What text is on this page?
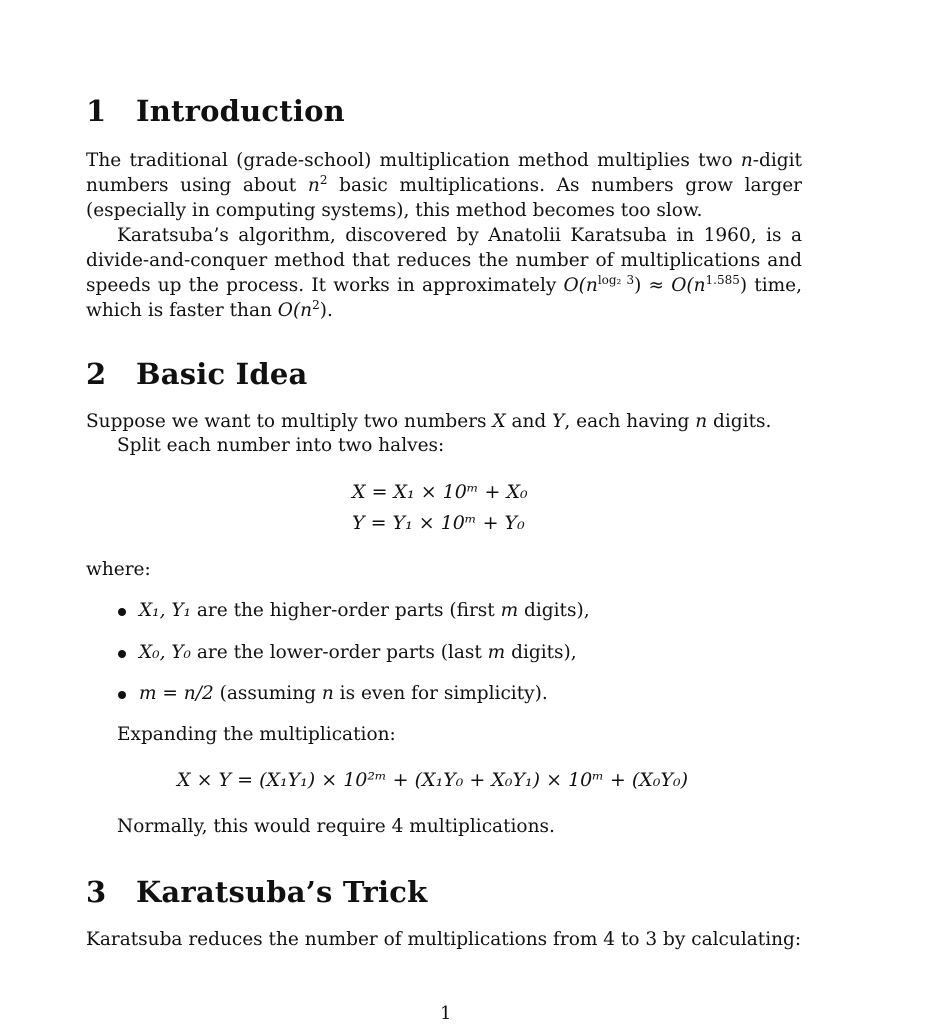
1 Introduction

The traditional (grade-school) multiplication method multiplies two n-digit numbers using about $n^2$ basic multiplications. As numbers grow larger (especially in computing systems), this method becomes too slow.

Karatsuba’s algorithm, discovered by Anatolii Karatsuba in 1960, is a divide-and-conquer method that reduces the number of multiplications and speeds up the process. It works in approximately $O(n^{log_2 3}) \approx O(n^{1.585})$ time, which is faster than $O(n^2)$.

2 Basic Idea
Suppose we want to multiply two numbers X and Y, each having n digits.
Split each number into two halves:
X = X₁ × 10ᵐ + X₀
Y = Y₁ × 10ᵐ + Y₀
where:
X₁, Y₁ are the higher-order parts (first m digits),
X₀, Y₀ are the lower-order parts (last m digits),
m = n/2 (assuming n is even for simplicity).
Expanding the multiplication:
X × Y = (X₁Y₁) × 10²ᵐ + (X₁Y₀ + X₀Y₁) × 10ᵐ + (X₀Y₀)
Normally, this would require 4 multiplications.
3 Karatsuba’s Trick
Karatsuba reduces the number of multiplications from 4 to 3 by calculating:
1
